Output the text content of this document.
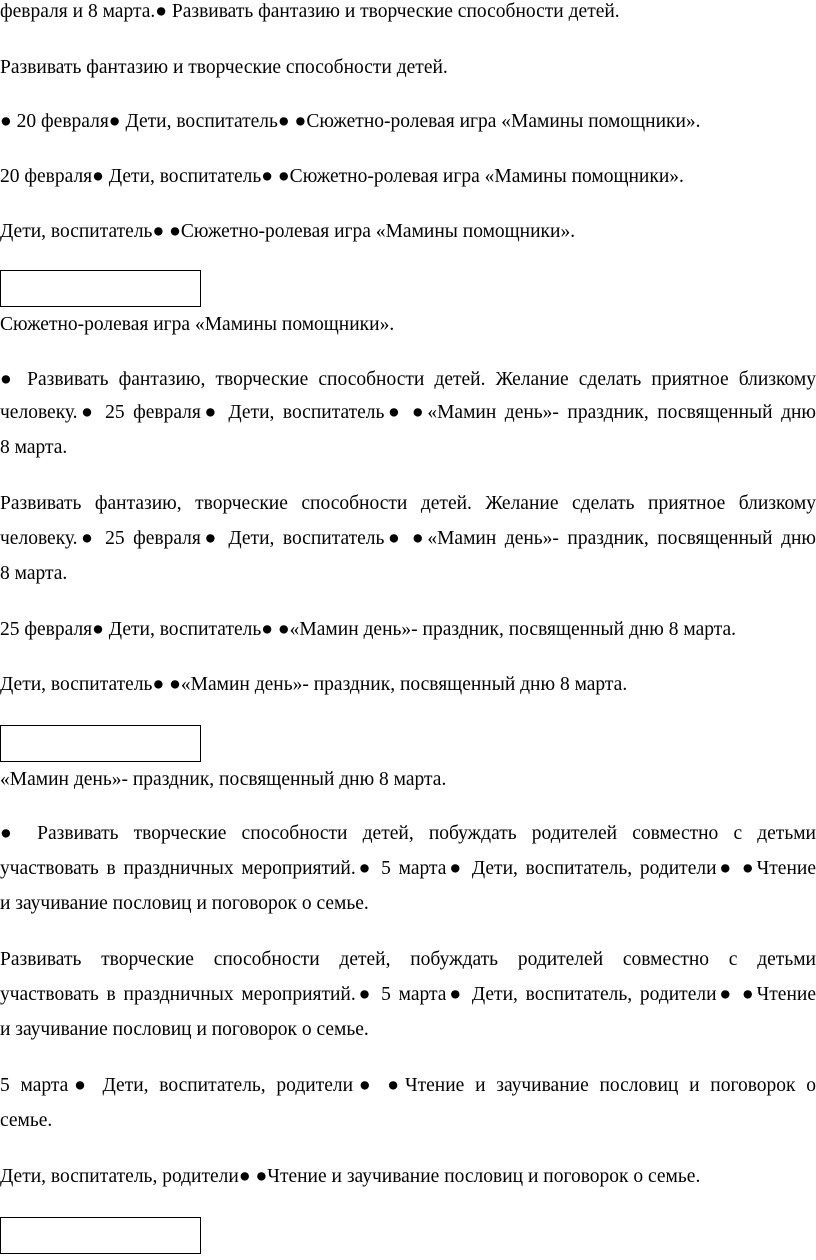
февраля и 8 марта.● Развивать фантазию и творческие способности детей.
Развивать фантазию и творческие способности детей.
● 20 февраля● Дети, воспитатель● ●Сюжетно-ролевая игра «Мамины помощники».
20 февраля● Дети, воспитатель● ●Сюжетно-ролевая игра «Мамины помощники».
Дети, воспитатель● ●Сюжетно-ролевая игра «Мамины помощники».
Сюжетно-ролевая игра «Мамины помощники».
● Развивать фантазию, творческие способности детей. Желание сделать приятное близкому
человеку.● 25 февраля● Дети, воспитатель● ●«Мамин день»- праздник, посвященный дню
8 марта.
Развивать фантазию, творческие способности детей. Желание сделать приятное близкому
человеку.● 25 февраля● Дети, воспитатель● ●«Мамин день»- праздник, посвященный дню
8 марта.
25 февраля● Дети, воспитатель● ●«Мамин день»- праздник, посвященный дню 8 марта.
Дети, воспитатель● ●«Мамин день»- праздник, посвященный дню 8 марта.
«Мамин день»- праздник, посвященный дню 8 марта.
● Развивать творческие способности детей, побуждать родителей совместно с детьми
участвовать в праздничных мероприятий.● 5 марта● Дети, воспитатель, родители● ●Чтение
и заучивание пословиц и поговорок о семье.
Развивать творческие способности детей, побуждать родителей совместно с детьми
участвовать в праздничных мероприятий.● 5 марта● Дети, воспитатель, родители● ●Чтение
и заучивание пословиц и поговорок о семье.
5 марта● Дети, воспитатель, родители● ●Чтение и заучивание пословиц и поговорок о
семье.
Дети, воспитатель, родители● ●Чтение и заучивание пословиц и поговорок о семье.
